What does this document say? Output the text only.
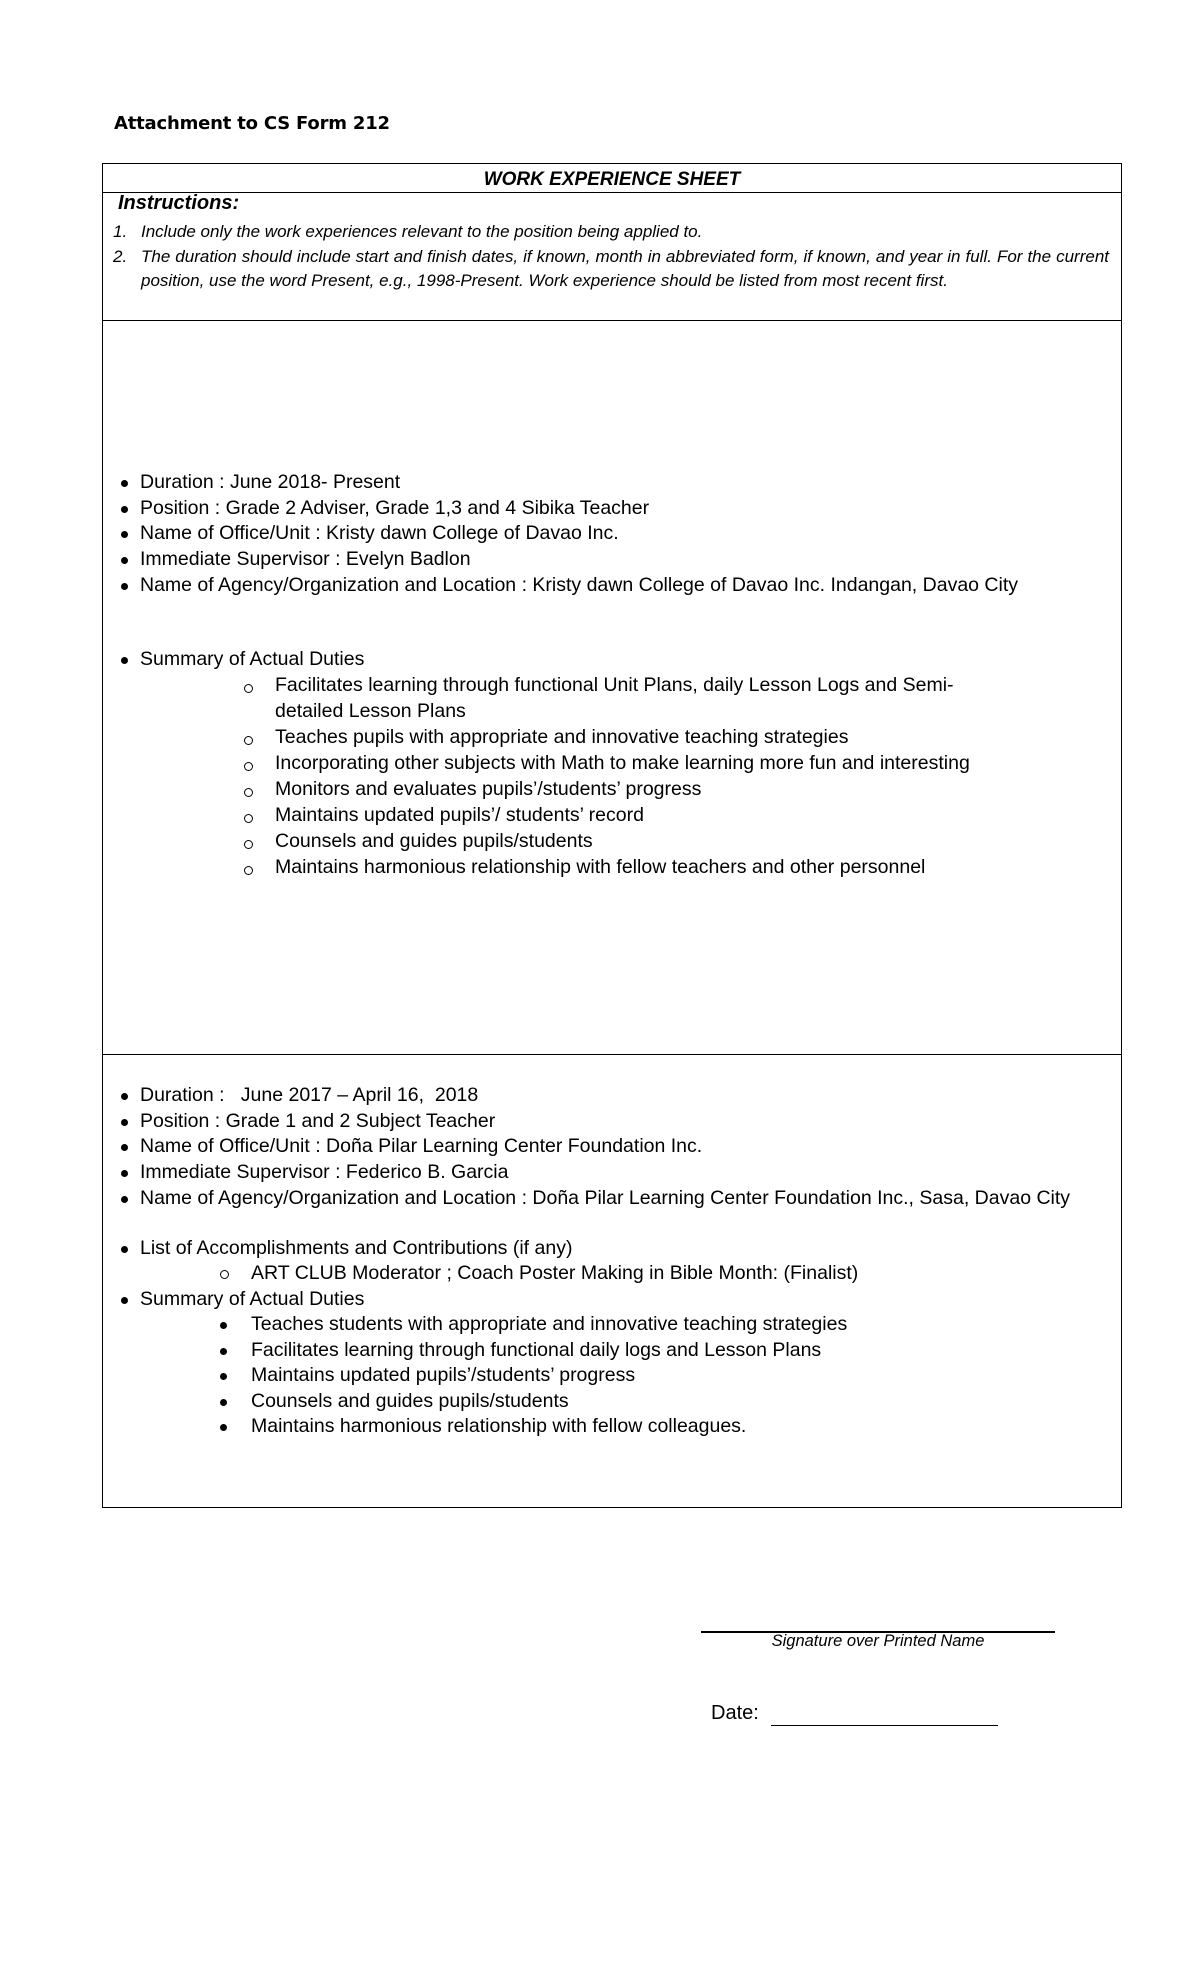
Attachment to CS Form 212
WORK EXPERIENCE SHEET
Instructions:
1. Include only the work experiences relevant to the position being applied to.
2. The duration should include start and finish dates, if known, month in abbreviated form, if known, and year in full. For the current position, use the word Present, e.g., 1998-Present. Work experience should be listed from most recent first.
Duration : June 2018- Present
Position : Grade 2 Adviser, Grade 1,3 and 4 Sibika Teacher
Name of Office/Unit : Kristy dawn College of Davao Inc.
Immediate Supervisor : Evelyn Badlon
Name of Agency/Organization and Location : Kristy dawn College of Davao Inc. Indangan, Davao City
Summary of Actual Duties
Facilitates learning through functional Unit Plans, daily Lesson Logs and Semi-detailed Lesson Plans
Teaches pupils with appropriate and innovative teaching strategies
Incorporating other subjects with Math to make learning more fun and interesting
Monitors and evaluates pupils’/students’ progress
Maintains updated pupils’/ students’ record
Counsels and guides pupils/students
Maintains harmonious relationship with fellow teachers and other personnel
Duration :   June 2017 – April 16,  2018
Position : Grade 1 and 2 Subject Teacher
Name of Office/Unit : Doña Pilar Learning Center Foundation Inc.
Immediate Supervisor : Federico B. Garcia
Name of Agency/Organization and Location : Doña Pilar Learning Center Foundation Inc., Sasa, Davao City
List of Accomplishments and Contributions (if any)
ART CLUB Moderator ; Coach Poster Making in Bible Month: (Finalist)
Summary of Actual Duties
Teaches students with appropriate and innovative teaching strategies
Facilitates learning through functional daily logs and Lesson Plans
Maintains updated pupils’/students’ progress
Counsels and guides pupils/students
Maintains harmonious relationship with fellow colleagues.
Signature over Printed Name
Date:
